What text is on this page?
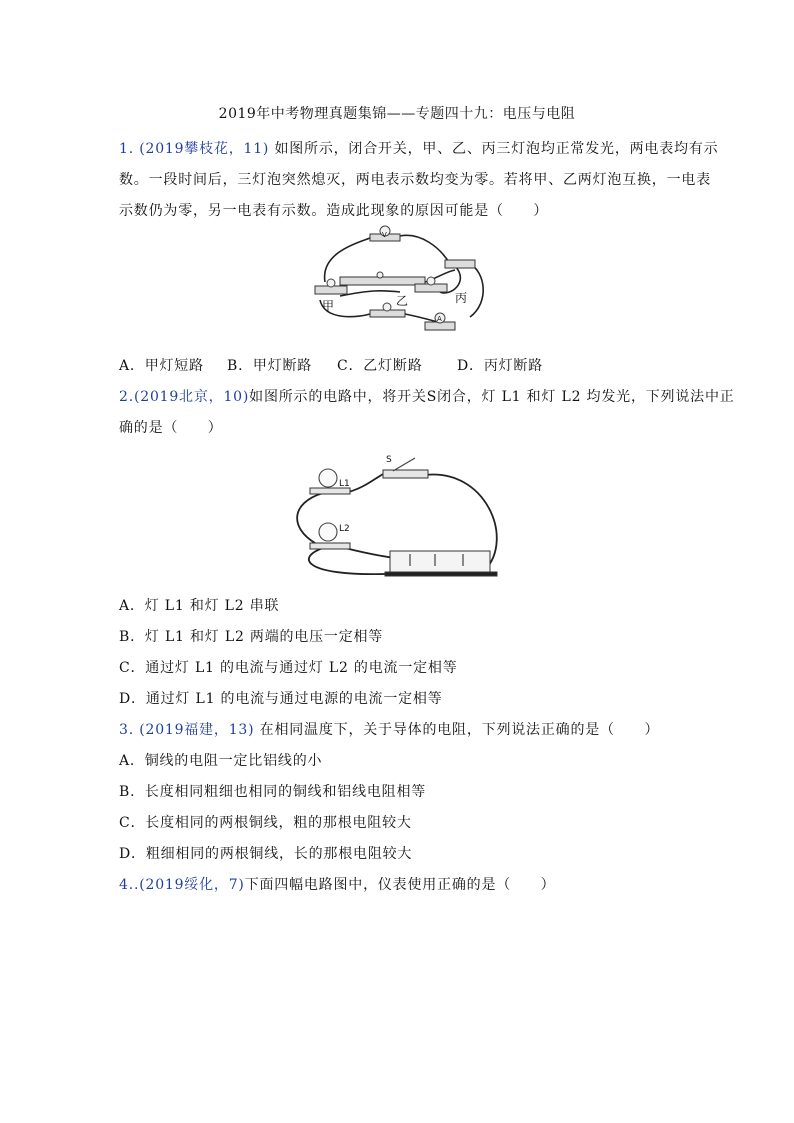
2019年中考物理真题集锦——专题四十九：电压与电阻
1. (2019攀枝花，11) 如图所示，闭合开关，甲、乙、丙三灯泡均正常发光，两电表均有示
数。一段时间后，三灯泡突然熄灭，两电表示数均变为零。若将甲、乙两灯泡互换，一电表
示数仍为零，另一电表有示数。造成此现象的原因可能是（　　）
V
A
甲	乙	丙
A．甲灯短路 B．甲灯断路 C．乙灯断路 D．丙灯断路
2.(2019北京，10)如图所示的电路中，将开关S闭合，灯 L1 和灯 L2 均发光，下列说法中正
确的是（　　）
L1
L2
S
A．灯 L1 和灯 L2 串联
B．灯 L1 和灯 L2 两端的电压一定相等
C．通过灯 L1 的电流与通过灯 L2 的电流一定相等
D．通过灯 L1 的电流与通过电源的电流一定相等
3. (2019福建，13) 在相同温度下，关于导体的电阻，下列说法正确的是（　　）
A．铜线的电阻一定比铝线的小
B．长度相同粗细也相同的铜线和铝线电阻相等
C．长度相同的两根铜线，粗的那根电阻较大
D．粗细相同的两根铜线，长的那根电阻较大
4..(2019绥化，7)下面四幅电路图中，仪表使用正确的是（　　）
